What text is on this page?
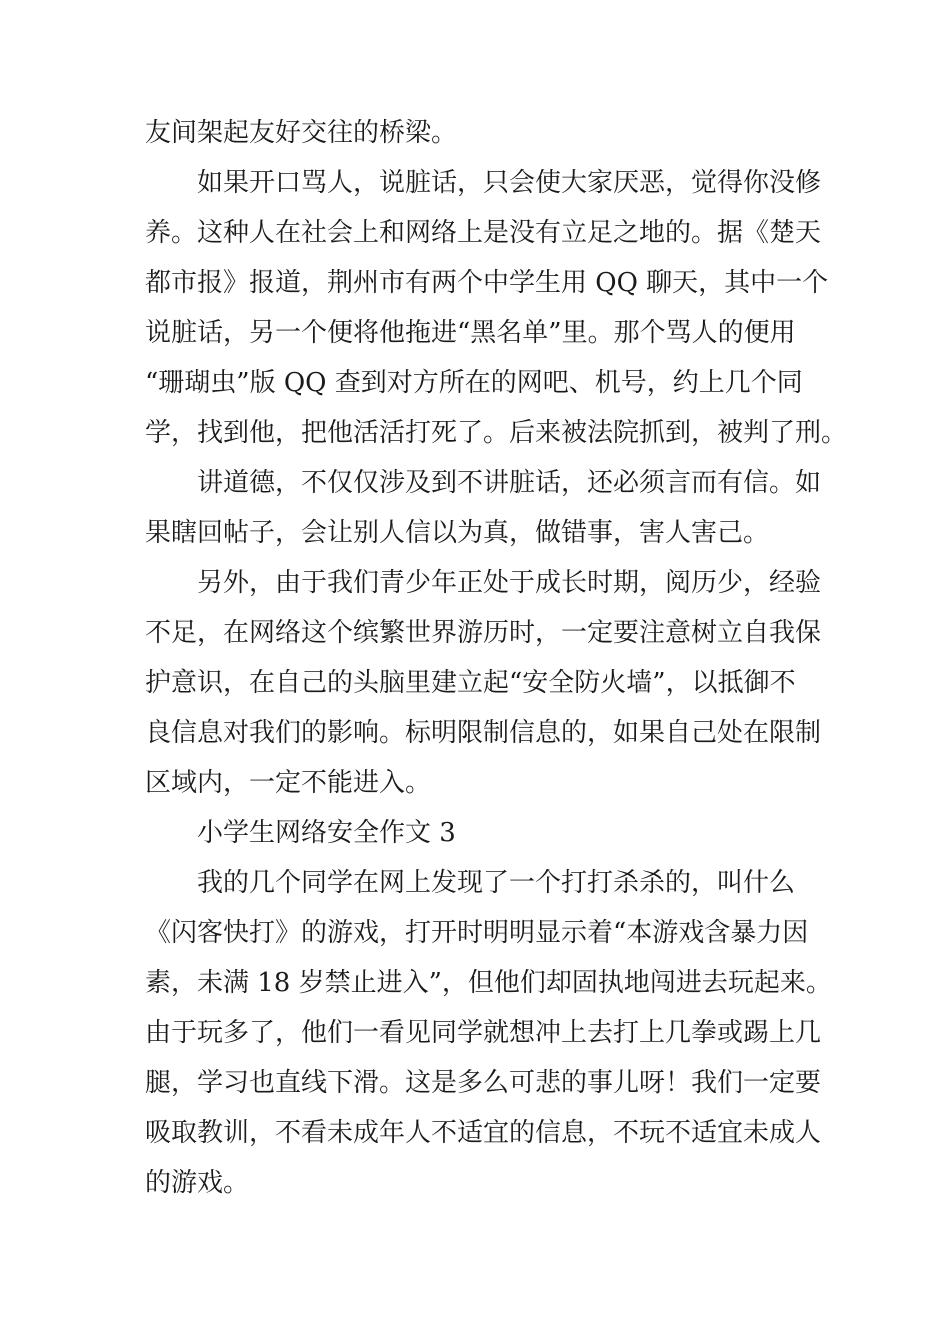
友间架起友好交往的桥梁。
如果开口骂人，说脏话，只会使大家厌恶，觉得你没修
养。这种人在社会上和网络上是没有立足之地的。据《楚天
都市报》报道，荆州市有两个中学生用 QQ 聊天，其中一个
说脏话，另一个便将他拖进“黑名单”里。那个骂人的便用
“珊瑚虫”版 QQ 查到对方所在的网吧、机号，约上几个同
学，找到他，把他活活打死了。后来被法院抓到，被判了刑。
讲道德，不仅仅涉及到不讲脏话，还必须言而有信。如
果瞎回帖子，会让别人信以为真，做错事，害人害己。
另外，由于我们青少年正处于成长时期，阅历少，经验
不足，在网络这个缤繁世界游历时，一定要注意树立自我保
护意识，在自己的头脑里建立起“安全防火墙”，以抵御不
良信息对我们的影响。标明限制信息的，如果自己处在限制
区域内，一定不能进入。
小学生网络安全作文 3
我的几个同学在网上发现了一个打打杀杀的，叫什么
《闪客快打》的游戏，打开时明明显示着“本游戏含暴力因
素，未满 18 岁禁止进入”，但他们却固执地闯进去玩起来。
由于玩多了，他们一看见同学就想冲上去打上几拳或踢上几
腿，学习也直线下滑。这是多么可悲的事儿呀！我们一定要
吸取教训，不看未成年人不适宜的信息，不玩不适宜未成人
的游戏。
